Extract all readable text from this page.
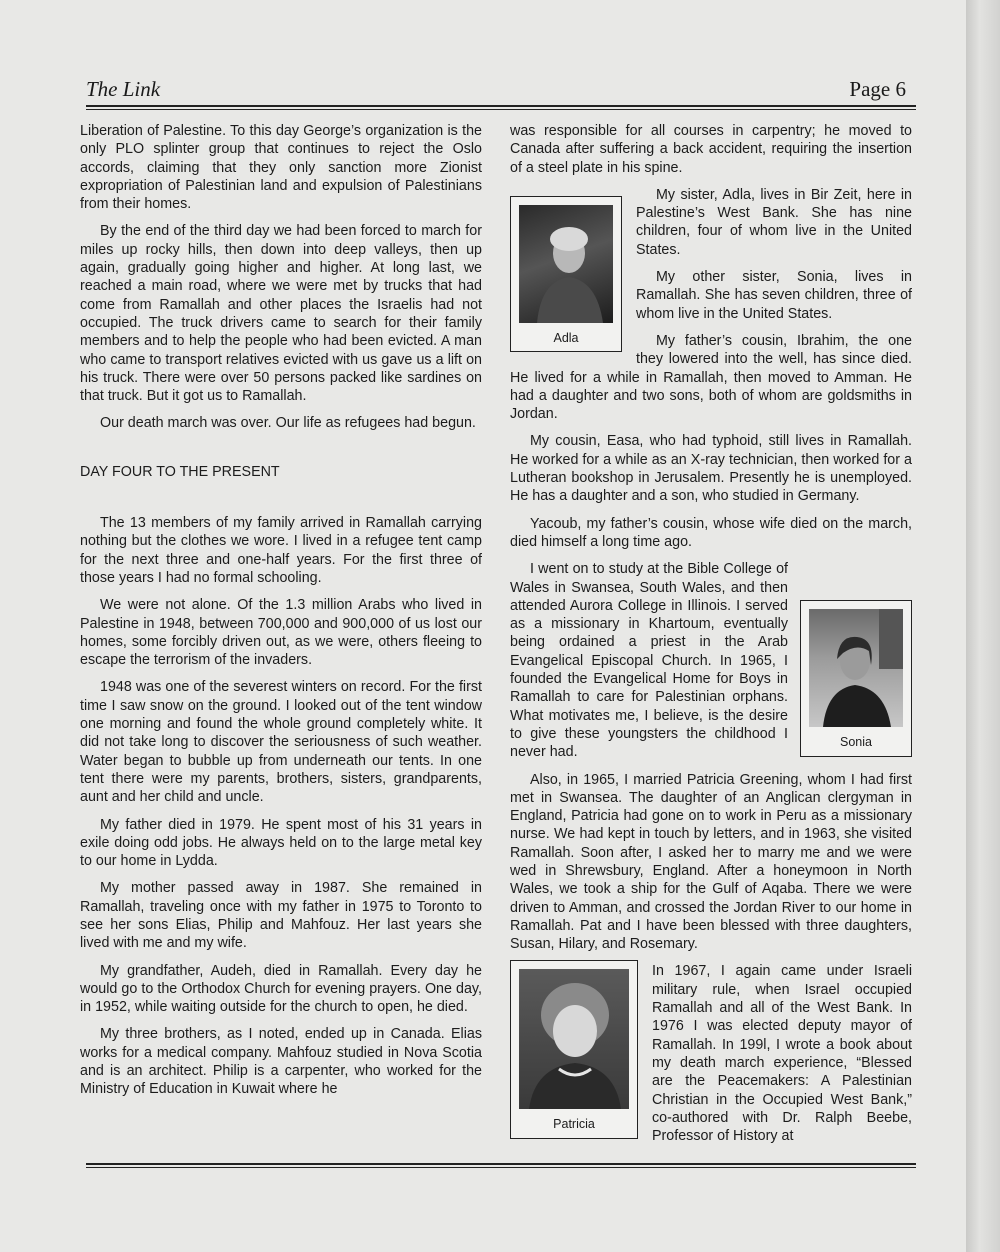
The Link	Page 6

Liberation of Palestine. To this day George’s organization is the only PLO splinter group that continues to reject the Oslo accords, claiming that they only sanction more Zionist expropriation of Palestinian land and expulsion of Palestinians from their homes.

By the end of the third day we had been forced to march for miles up rocky hills, then down into deep valleys, then up again, gradually going higher and higher. At long last, we reached a main road, where we were met by trucks that had come from Ramallah and other places the Israelis had not occupied. The truck drivers came to search for their family members and to help the people who had been evicted. A man who came to transport relatives evicted with us gave us a lift on his truck. There were over 50 persons packed like sardines on that truck. But it got us to Ramallah.

Our death march was over. Our life as refugees had begun.

DAY FOUR TO THE PRESENT

The 13 members of my family arrived in Ramallah carrying nothing but the clothes we wore. I lived in a refugee tent camp for the next three and one-half years. For the first three of those years I had no formal schooling.

We were not alone. Of the 1.3 million Arabs who lived in Palestine in 1948, between 700,000 and 900,000 of us lost our homes, some forcibly driven out, as we were, others fleeing to escape the terrorism of the invaders.

1948 was one of the severest winters on record. For the first time I saw snow on the ground. I looked out of the tent window one morning and found the whole ground completely white. It did not take long to discover the seriousness of such weather. Water began to bubble up from underneath our tents. In one tent there were my parents, brothers, sisters, grandparents, aunt and her child and uncle.

My father died in 1979. He spent most of his 31 years in exile doing odd jobs. He always held on to the large metal key to our home in Lydda.

My mother passed away in 1987. She remained in Ramallah, traveling once with my father in 1975 to Toronto to see her sons Elias, Philip and Mahfouz. Her last years she lived with me and my wife.

My grandfather, Audeh, died in Ramallah. Every day he would go to the Orthodox Church for evening prayers. One day, in 1952, while waiting outside for the church to open, he died.

My three brothers, as I noted, ended up in Canada. Elias works for a medical company. Mahfouz studied in Nova Scotia and is an architect. Philip is a carpenter, who worked for the Ministry of Education in Kuwait where he

was responsible for all courses in carpentry; he moved to Canada after suffering a back accident, requiring the insertion of a steel plate in his spine.

Adla

My sister, Adla, lives in Bir Zeit, here in Palestine’s West Bank. She has nine children, four of whom live in the United States.

My other sister, Sonia, lives in Ramallah. She has seven children, three of whom live in the United States.

My father’s cousin, Ibrahim, the one they lowered into the well, has since died. He lived for a while in Ramallah, then moved to Amman. He had a daughter and two sons, both of whom are goldsmiths in Jordan.

My cousin, Easa, who had typhoid, still lives in Ramallah. He worked for a while as an X-ray technician, then worked for a Lutheran bookshop in Jerusalem. Presently he is unemployed. He has a daughter and a son, who studied in Germany.

Yacoub, my father’s cousin, whose wife died on the march, died himself a long time ago.

Sonia

I went on to study at the Bible College of Wales in Swansea, South Wales, and then attended Aurora College in Illinois. I served as a missionary in Khartoum, eventually being ordained a priest in the Arab Evangelical Episcopal Church. In 1965, I founded the Evangelical Home for Boys in Ramallah to care for Palestinian orphans. What motivates me, I believe, is the desire to give these youngsters the childhood I never had.

Also, in 1965, I married Patricia Greening, whom I had first met in Swansea. The daughter of an Anglican clergyman in England, Patricia had gone on to work in Peru as a missionary nurse. We had kept in touch by letters, and in 1963, she visited Ramallah. Soon after, I asked her to marry me and we were wed in Shrewsbury, England. After a honeymoon in North Wales, we took a ship for the Gulf of Aqaba. There we were driven to Amman, and crossed the Jordan River to our home in Ramallah. Pat and I have been blessed with three daughters, Susan, Hilary, and Rosemary.

Patricia

In 1967, I again came under Israeli military rule, when Israel occupied Ramallah and all of the West Bank. In 1976 I was elected deputy mayor of Ramallah. In 199l, I wrote a book about my death march experience, “Blessed are the Peacemakers: A Palestinian Christian in the Occupied West Bank,” co-authored with Dr. Ralph Beebe, Professor of History at
